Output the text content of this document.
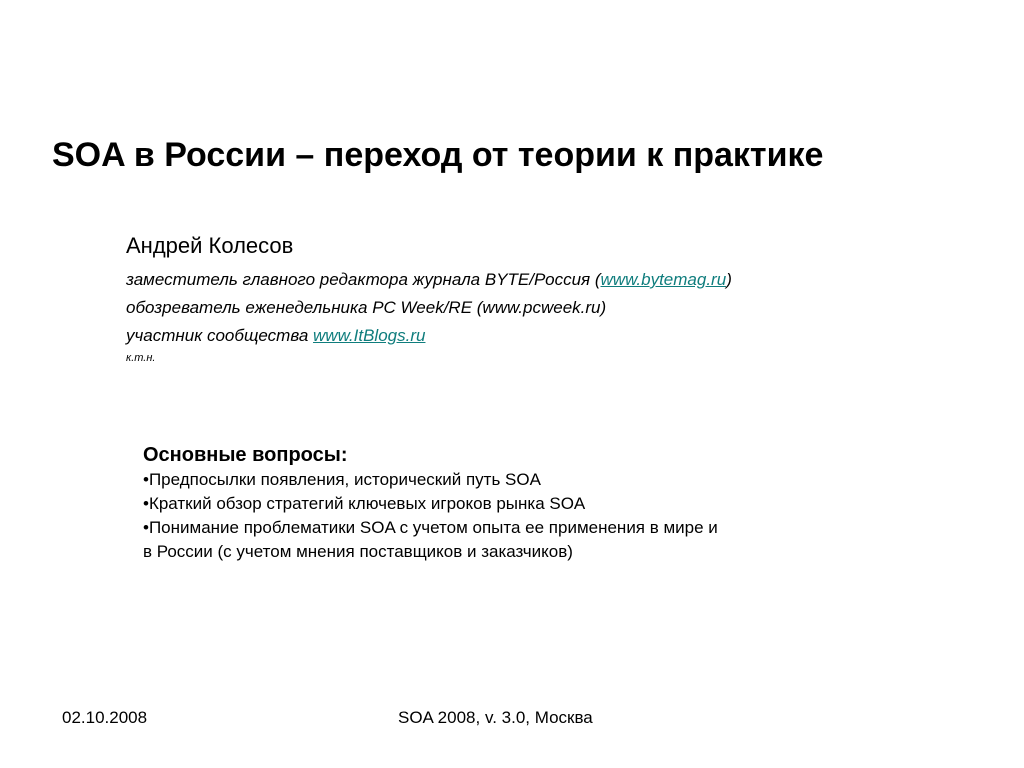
SOA в России – переход от теории к практике
Андрей Колесов
заместитель главного редактора журнала BYTE/Россия (www.bytemag.ru)
обозреватель еженедельника PC Week/RE (www.pcweek.ru)
участник сообщества www.ItBlogs.ru
к.т.н.
Основные вопросы:
•Предпосылки появления, исторический путь SOA
•Краткий обзор стратегий ключевых игроков рынка SOA
•Понимание проблематики SOA с учетом опыта ее применения в мире и
в России (с учетом мнения поставщиков и заказчиков)
02.10.2008	SOA 2008, v. 3.0, Москва
